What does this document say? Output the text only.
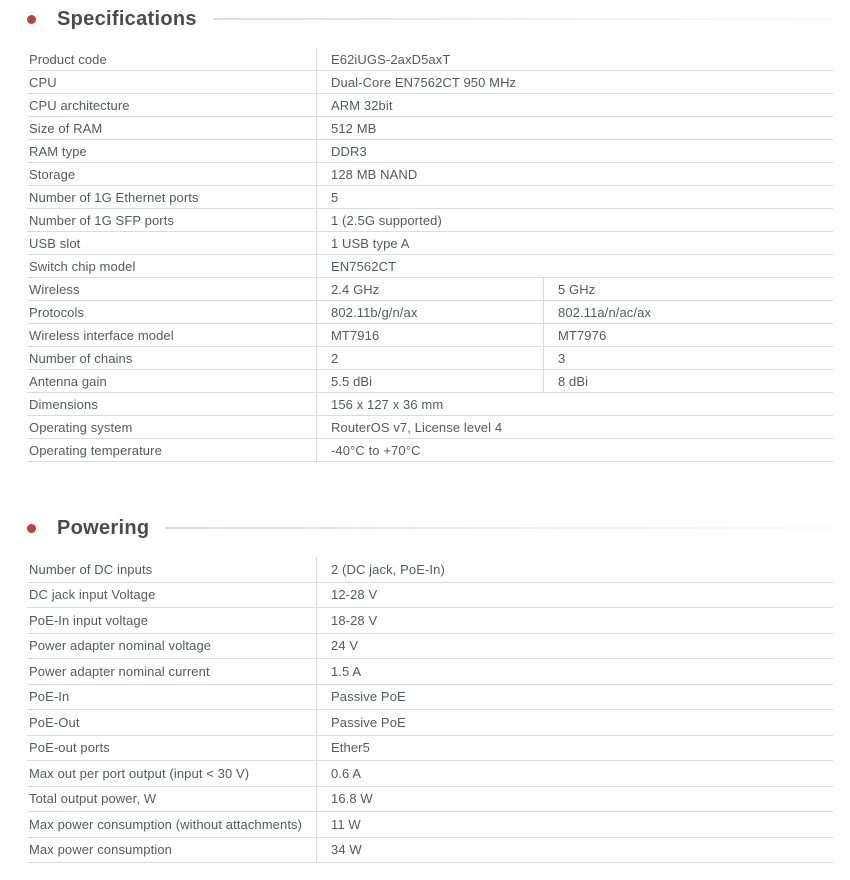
Specifications
Product code	E62iUGS-2axD5axT
CPU	Dual-Core EN7562CT 950 MHz
CPU architecture	ARM 32bit
Size of RAM	512 MB
RAM type	DDR3
Storage	128 MB NAND
Number of 1G Ethernet ports	5
Number of 1G SFP ports	1 (2.5G supported)
USB slot	1 USB type A
Switch chip model	EN7562CT
Wireless	2.4 GHz	5 GHz
Protocols	802.11b/g/n/ax	802.11a/n/ac/ax
Wireless interface model	MT7916	MT7976
Number of chains	2	3
Antenna gain	5.5 dBi	8 dBi
Dimensions	156 x 127 x 36 mm
Operating system	RouterOS v7, License level 4
Operating temperature	-40°C to +70°C
Powering
Number of DC inputs	2 (DC jack, PoE-In)
DC jack input Voltage	12-28 V
PoE-In input voltage	18-28 V
Power adapter nominal voltage	24 V
Power adapter nominal current	1.5 A
PoE-In	Passive PoE
PoE-Out	Passive PoE
PoE-out ports	Ether5
Max out per port output (input < 30 V)	0.6 A
Total output power, W	16.8 W
Max power consumption (without attachments)	11 W
Max power consumption	34 W
